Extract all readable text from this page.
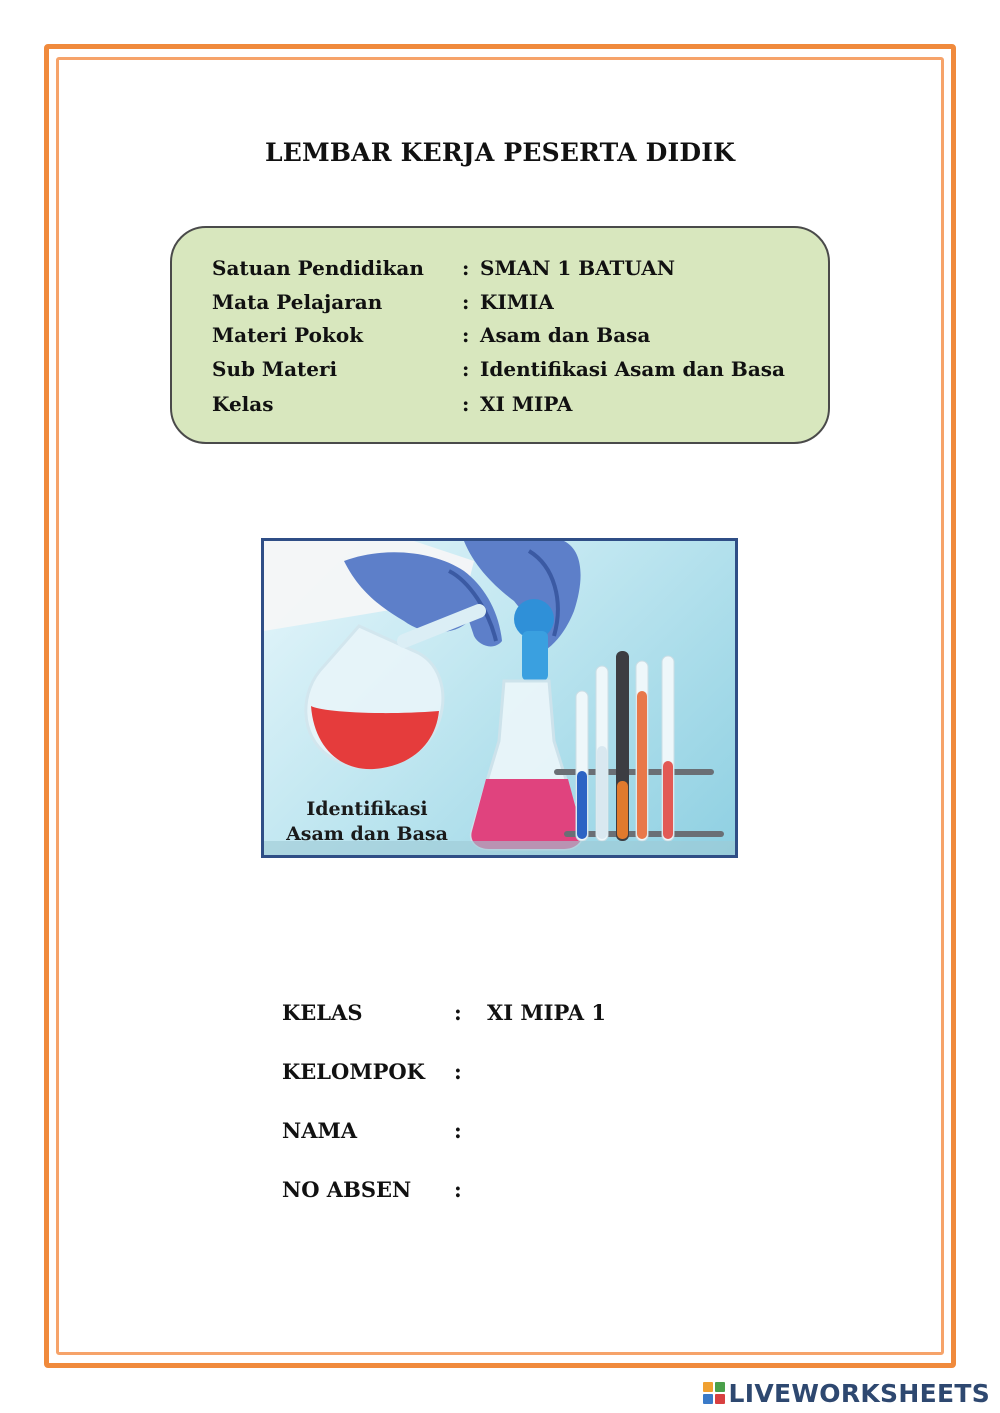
LEMBAR KERJA PESERTA DIDIK
Satuan Pendidikan : SMAN 1 BATUAN
Mata Pelajaran	: KIMIA
Materi Pokok	: Asam dan Basa
Sub Materi	: Identifikasi Asam dan Basa
Kelas	: XI MIPA
Identifikasi
Asam dan Basa
KELAS	: XI MIPA 1
KELOMPOK :
NAMA	:
NO ABSEN :
LIVEWORKSHEETS
